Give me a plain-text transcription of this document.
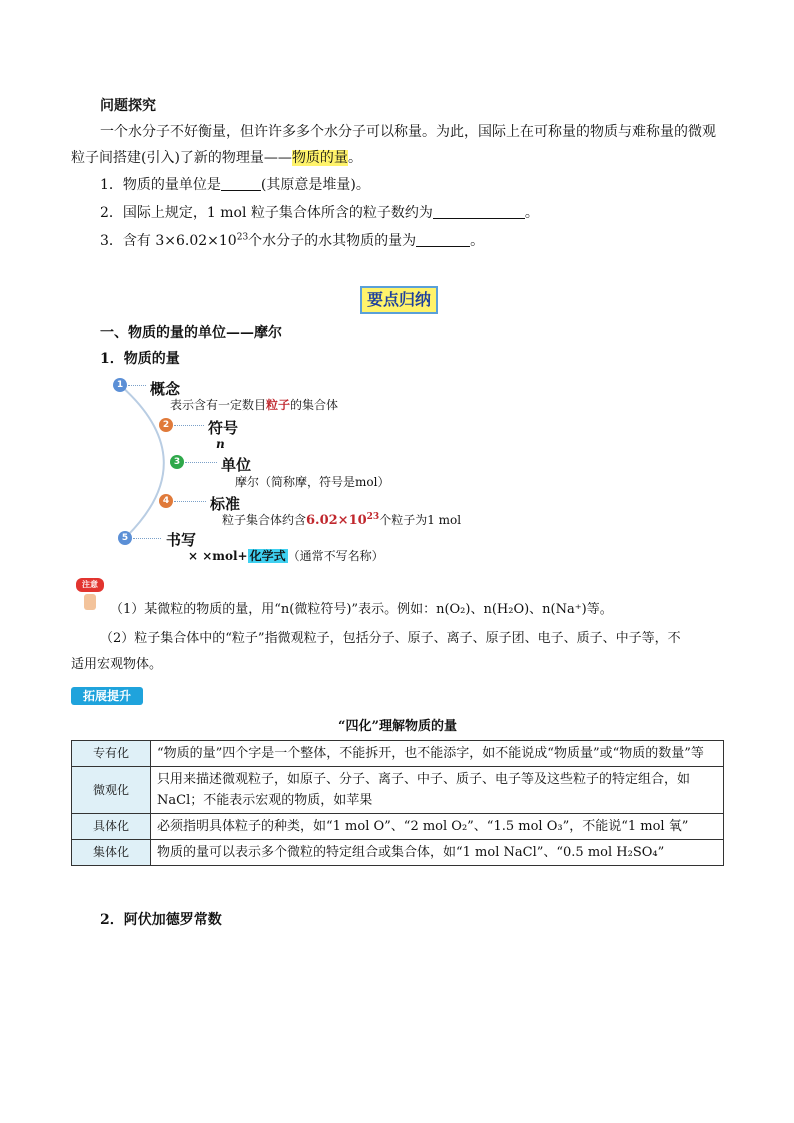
问题探究
一个水分子不好衡量，但许许多多个水分子可以称量。为此，国际上在可称量的物质与难称量的微观
粒子间搭建(引入)了新的物理量——物质的量。
1．物质的量单位是	(其原意是堆量)。
2．国际上规定，1 mol 粒子集合体所含的粒子数约为	。
3．含有 $3\times 6.02\times 10^{23}$个水分子的水其物质的量为	。
要点归纳
一、物质的量的单位——摩尔
1．物质的量
1 概念
表示含有一定数目粒子的集合体
2	符号
n
3	单位
摩尔（简称摩，符号是mol）
4	标准
粒子集合体约含$6.02\times 10^{23}$个粒子为1 mol
5	书写
× ×mol+ 化学式 （通常不写名称）
注意
（1）某微粒的物质的量，用“n(微粒符号)”表示。例如：n(O₂)、n(H₂O)、n(Na⁺)等。
（2）粒子集合体中的“粒子”指微观粒子，包括分子、原子、离子、原子团、电子、质子、中子等，不
适用宏观物体。
拓展提升
“四化”理解物质的量
专有化	“物质的量”四个字是一个整体，不能拆开，也不能添字，如不能说成“物质量”或“物质的数量”等
微观化	只用来描述微观粒子，如原子、分子、离子、中子、质子、电子等及这些粒子的特定组合，如NaCl；不能表示宏观的物质，如苹果
具体化	必须指明具体粒子的种类，如“1 mol O”、“2 mol O₂”、“1.5 mol O₃”，不能说“1 mol 氧”
集体化	物质的量可以表示多个微粒的特定组合或集合体，如“1 mol NaCl”、“0.5 mol H₂SO₄”
2．阿伏加德罗常数
